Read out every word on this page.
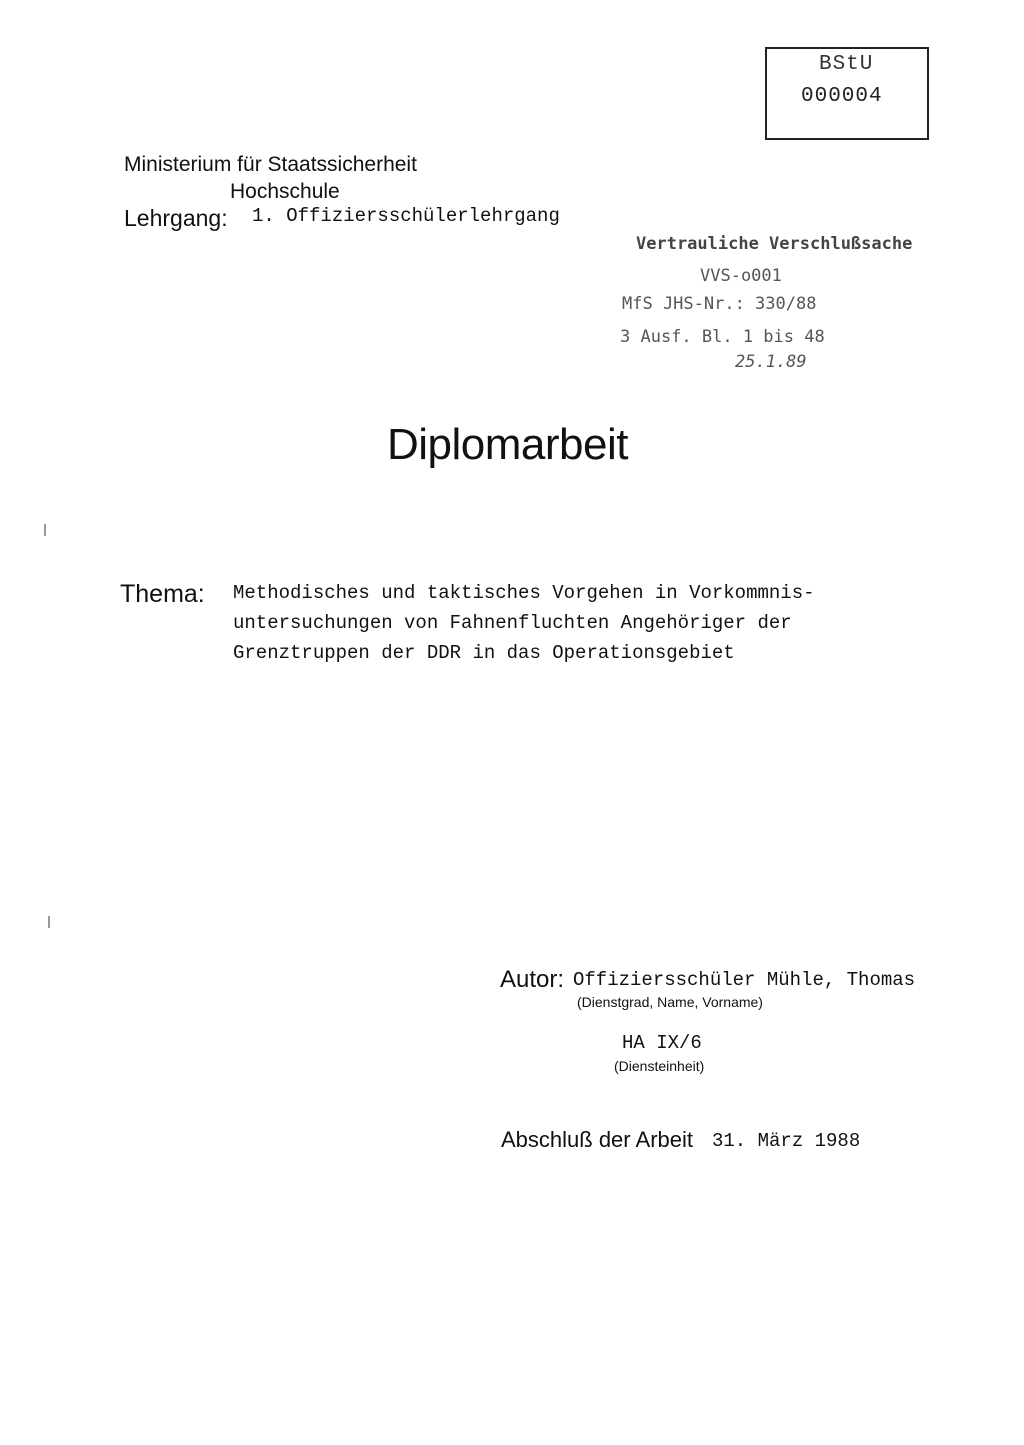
BStU
000004
Ministerium für Staatssicherheit
Hochschule
Lehrgang: 1. Offiziersschülerlehrgang
Vertrauliche Verschlußsache
VVS-o001
MfS JHS-Nr.: 330/88
3 Ausf. Bl. 1 bis 48
25.1.89
Diplomarbeit
Thema: Methodisches und taktisches Vorgehen in Vorkommnis-
untersuchungen von Fahnenfluchten Angehöriger der
Grenztruppen der DDR in das Operationsgebiet
Autor: Offiziersschüler Mühle, Thomas
(Dienstgrad, Name, Vorname)
HA IX/6
(Diensteinheit)
Abschluß der Arbeit 31. März 1988
